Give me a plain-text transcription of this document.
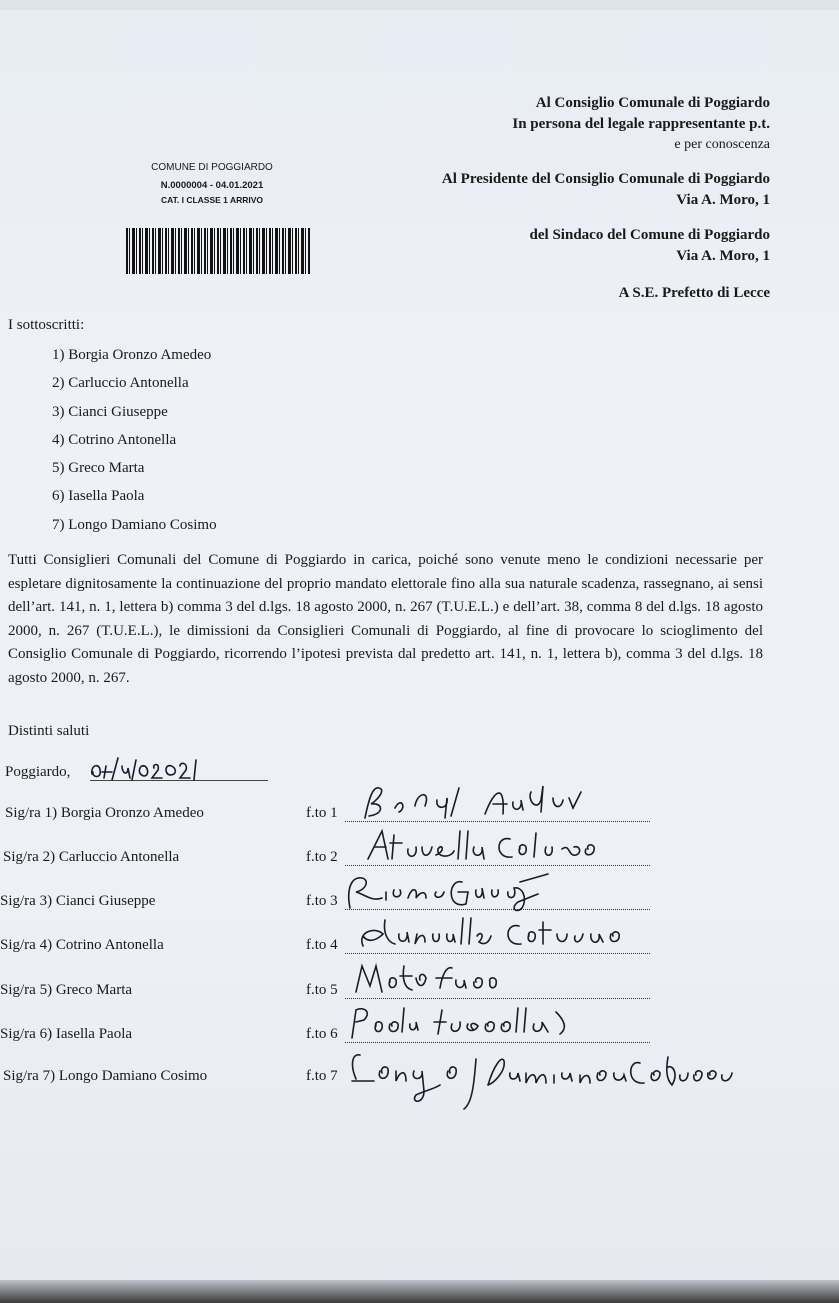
Al Consiglio Comunale di Poggiardo
In persona del legale rappresentante p.t.
e per conoscenza
Al Presidente del Consiglio Comunale di Poggiardo
Via A. Moro, 1
del Sindaco del Comune di Poggiardo
Via A. Moro, 1
A S.E. Prefetto di Lecce
COMUNE DI POGGIARDO
N.0000004 - 04.01.2021
CAT. I CLASSE 1 ARRIVO
I sottoscritti:
1) Borgia Oronzo Amedeo
2) Carluccio Antonella
3) Cianci Giuseppe
4) Cotrino Antonella
5) Greco Marta
6) Iasella Paola
7) Longo Damiano Cosimo
Tutti Consiglieri Comunali del Comune di Poggiardo in carica, poiché sono venute meno le condizioni necessarie per espletare dignitosamente la continuazione del proprio mandato elettorale fino alla sua naturale scadenza, rassegnano, ai sensi dell’art. 141, n. 1, lettera b) comma 3 del d.lgs. 18 agosto 2000, n. 267 (T.U.E.L.) e dell’art. 38, comma 8 del d.lgs. 18 agosto 2000, n. 267 (T.U.E.L.), le dimissioni da Consiglieri Comunali di Poggiardo, al fine di provocare lo scioglimento del Consiglio Comunale di Poggiardo, ricorrendo l’ipotesi prevista dal predetto art. 141, n. 1, lettera b), comma 3 del d.lgs. 18 agosto 2000, n. 267.
Distinti saluti
Poggiardo,
Sig/ra 1) Borgia Oronzo Amedeo	f.to 1
Sig/ra 2) Carluccio Antonella	f.to 2
Sig/ra 3) Cianci Giuseppe	f.to 3
Sig/ra 4) Cotrino Antonella	f.to 4
Sig/ra 5) Greco Marta	f.to 5
Sig/ra 6) Iasella Paola	f.to 6
Sig/ra 7) Longo Damiano Cosimo	f.to 7
